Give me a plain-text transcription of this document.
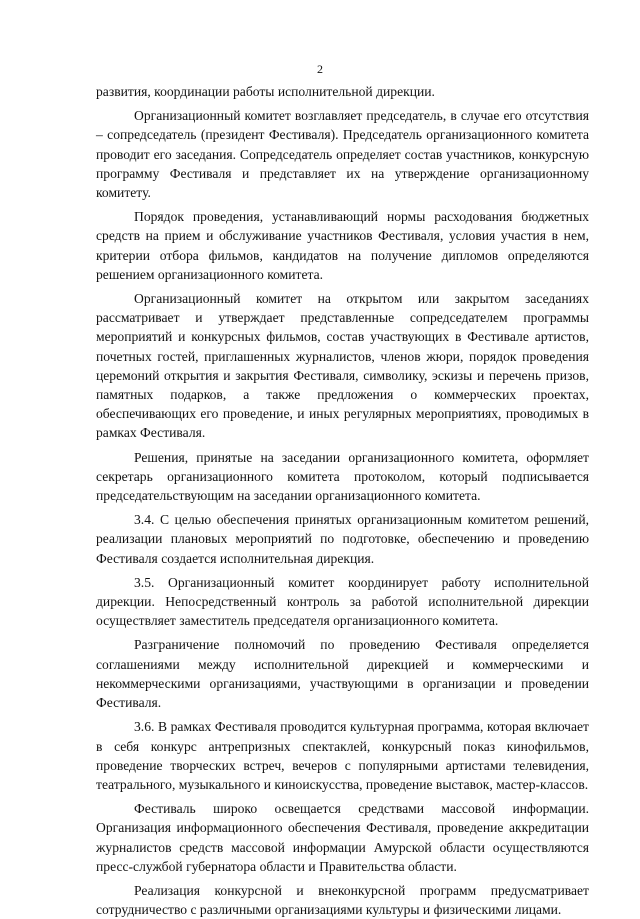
2

развития, координации работы исполнительной дирекции.

Организационный комитет возглавляет председатель, в случае его отсутствия – сопредседатель (президент Фестиваля). Председатель организационного комитета проводит его заседания. Сопредседатель определяет состав участников, конкурсную программу Фестиваля и представляет их на утверждение организационному комитету.

Порядок проведения, устанавливающий нормы расходования бюджетных средств на прием и обслуживание участников Фестиваля, условия участия в нем, критерии отбора фильмов, кандидатов на получение дипломов определяются решением организационного комитета.

Организационный комитет на открытом или закрытом заседаниях рассматривает и утверждает представленные сопредседателем программы мероприятий и конкурсных фильмов, состав участвующих в Фестивале артистов, почетных гостей, приглашенных журналистов, членов жюри, порядок проведения церемоний открытия и закрытия Фестиваля, символику, эскизы и перечень призов, памятных подарков, а также предложения о коммерческих проектах, обеспечивающих его проведение, и иных регулярных мероприятиях, проводимых в рамках Фестиваля.

Решения, принятые на заседании организационного комитета, оформляет секретарь организационного комитета протоколом, который подписывается председательствующим на заседании организационного комитета.

3.4. С целью обеспечения принятых организационным комитетом решений, реализации плановых мероприятий по подготовке, обеспечению и проведению Фестиваля создается исполнительная дирекция.

3.5. Организационный комитет координирует работу исполнительной дирекции. Непосредственный контроль за работой исполнительной дирекции осуществляет заместитель председателя организационного комитета.

Разграничение полномочий по проведению Фестиваля определяется соглашениями между исполнительной дирекцией и коммерческими и некоммерческими организациями, участвующими в организации и проведении Фестиваля.

3.6. В рамках Фестиваля проводится культурная программа, которая включает в себя конкурс антрепризных спектаклей, конкурсный показ кинофильмов, проведение творческих встреч, вечеров с популярными артистами телевидения, театрального, музыкального и киноискусства, проведение выставок, мастер-классов.

Фестиваль широко освещается средствами массовой информации. Организация информационного обеспечения Фестиваля, проведение аккредитации журналистов средств массовой информации Амурской области осуществляются пресс-службой губернатора области и Правительства области.

Реализация конкурсной и внеконкурсной программ предусматривает сотрудничество с различными организациями культуры и физическими лицами.
